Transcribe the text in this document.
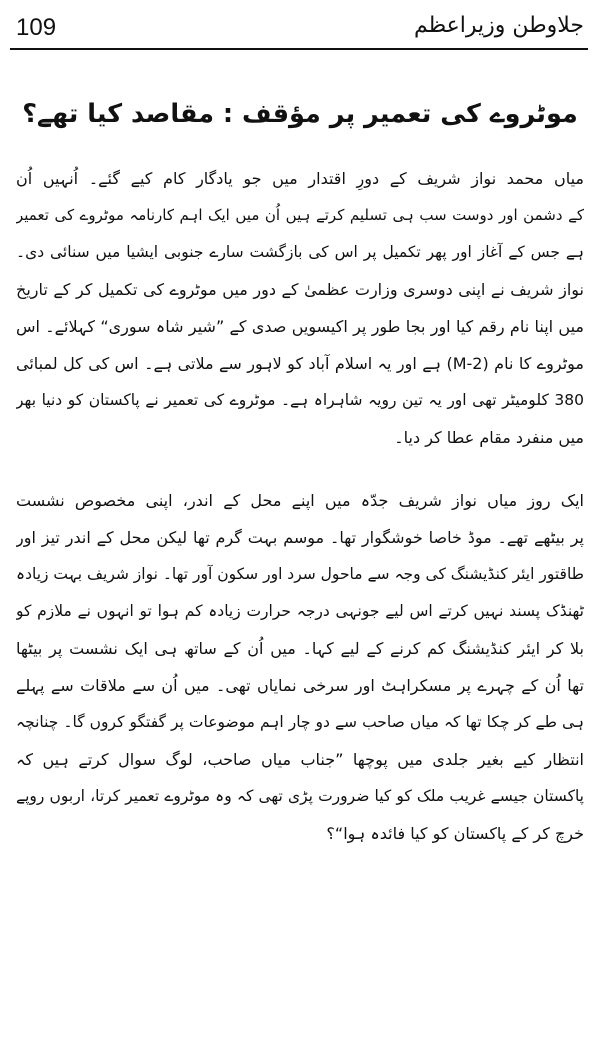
109	جلاوطن وزیراعظم
موٹروے کی تعمیر پر مؤقف : مقاصد کیا تھے؟
میاں محمد نواز شریف کے دورِ اقتدار میں جو یادگار کام کیے گئے۔ اُنہیں اُن
کے دشمن اور دوست سب ہی تسلیم کرتے ہیں اُن میں ایک اہم کارنامہ موٹروے کی تعمیر
ہے جس کے آغاز اور پھر تکمیل پر اس کی بازگشت سارے جنوبی ایشیا میں سنائی دی۔
نواز شریف نے اپنی دوسری وزارت عظمیٰ کے دور میں موٹروے کی تکمیل کر کے تاریخ
میں اپنا نام رقم کیا اور بجا طور پر اکیسویں صدی کے ”شیر شاہ سوری“ کہلائے۔ اس
موٹروے کا نام (M-2) ہے اور یہ اسلام آباد کو لاہور سے ملاتی ہے۔ اس کی کل لمبائی
380 کلومیٹر تھی اور یہ تین رویہ شاہراہ ہے۔ موٹروے کی تعمیر نے پاکستان کو دنیا بھر
میں منفرد مقام عطا کر دیا۔
ایک روز میاں نواز شریف جدّہ میں اپنے محل کے اندر، اپنی مخصوص نشست
پر بیٹھے تھے۔ موڈ خاصا خوشگوار تھا۔ موسم بہت گرم تھا لیکن محل کے اندر تیز اور
طاقتور ایئر کنڈیشنگ کی وجہ سے ماحول سرد اور سکون آور تھا۔ نواز شریف بہت زیادہ
ٹھنڈک پسند نہیں کرتے اس لیے جونہی درجہ حرارت زیادہ کم ہوا تو انہوں نے ملازم کو
بلا کر ایئر کنڈیشنگ کم کرنے کے لیے کہا۔ میں اُن کے ساتھ ہی ایک نشست پر بیٹھا
تھا اُن کے چہرے پر مسکراہٹ اور سرخی نمایاں تھی۔ میں اُن سے ملاقات سے پہلے
ہی طے کر چکا تھا کہ میاں صاحب سے دو چار اہم موضوعات پر گفتگو کروں گا۔ چنانچہ
انتظار کیے بغیر جلدی میں پوچھا ”جناب میاں صاحب، لوگ سوال کرتے ہیں کہ
پاکستان جیسے غریب ملک کو کیا ضرورت پڑی تھی کہ وہ موٹروے تعمیر کرتا، اربوں روپے
خرچ کر کے پاکستان کو کیا فائدہ ہوا“؟
